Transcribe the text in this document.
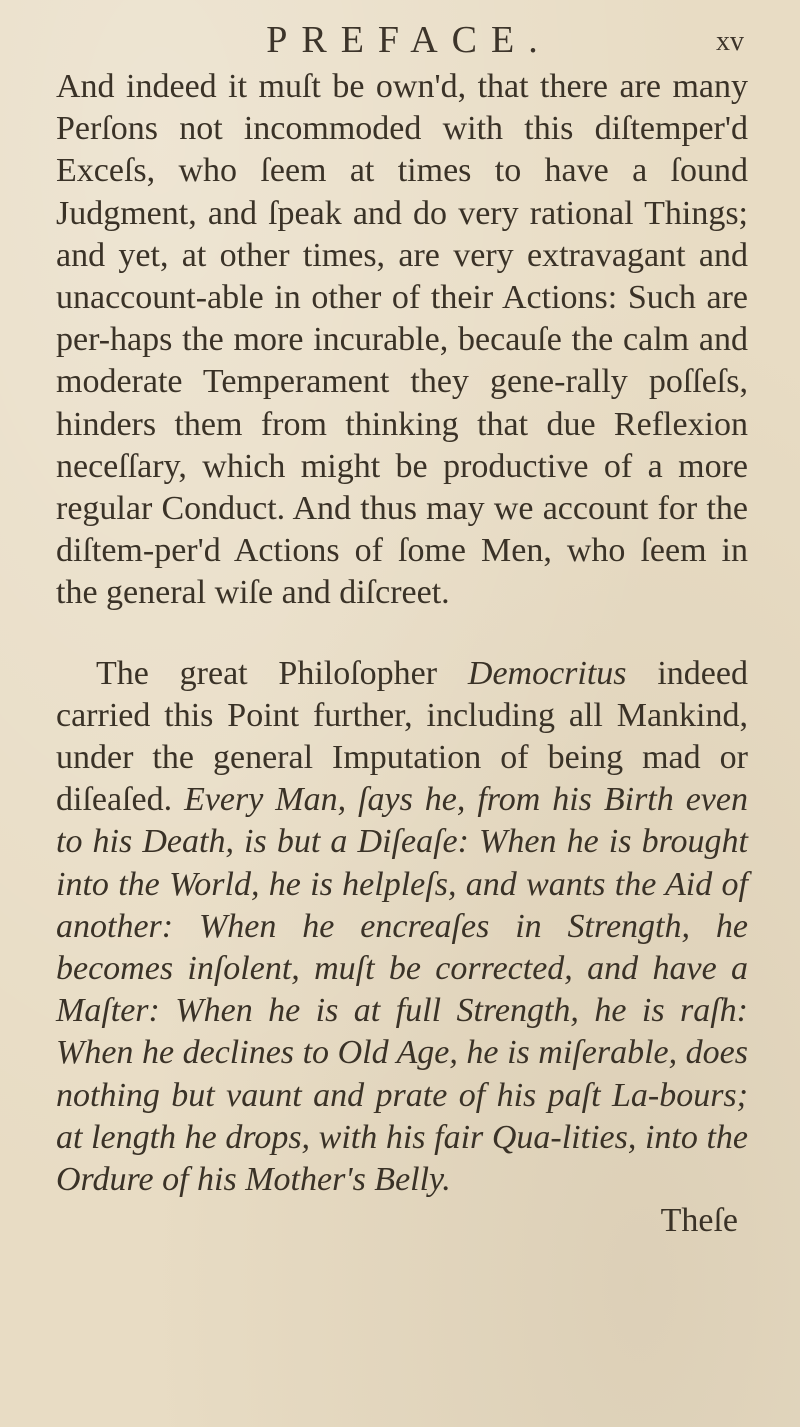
PREFACE.	xv

And indeed it muſt be own'd, that there are many Perſons not incommoded with this diſtemper'd Exceſs, who ſeem at times to have a ſound Judgment, and ſpeak and do very rational Things; and yet, at other times, are very extravagant and unaccount-able in other of their Actions: Such are per-haps the more incurable, becauſe the calm and moderate Temperament they gene-rally poſſeſs, hinders them from thinking that due Reflexion neceſſary, which might be productive of a more regular Conduct. And thus may we account for the diſtem-per'd Actions of ſome Men, who ſeem in the general wiſe and diſcreet.

The great Philoſopher Democritus indeed carried this Point further, including all Mankind, under the general Imputation of being mad or diſeaſed. Every Man, ſays he, from his Birth even to his Death, is but a Diſeaſe: When he is brought into the World, he is helpleſs, and wants the Aid of another: When he encreaſes in Strength, he becomes inſolent, muſt be corrected, and have a Maſter: When he is at full Strength, he is raſh: When he declines to Old Age, he is miſerable, does nothing but vaunt and prate of his paſt La-bours; at length he drops, with his fair Qua-lities, into the Ordure of his Mother's Belly.

Theſe
